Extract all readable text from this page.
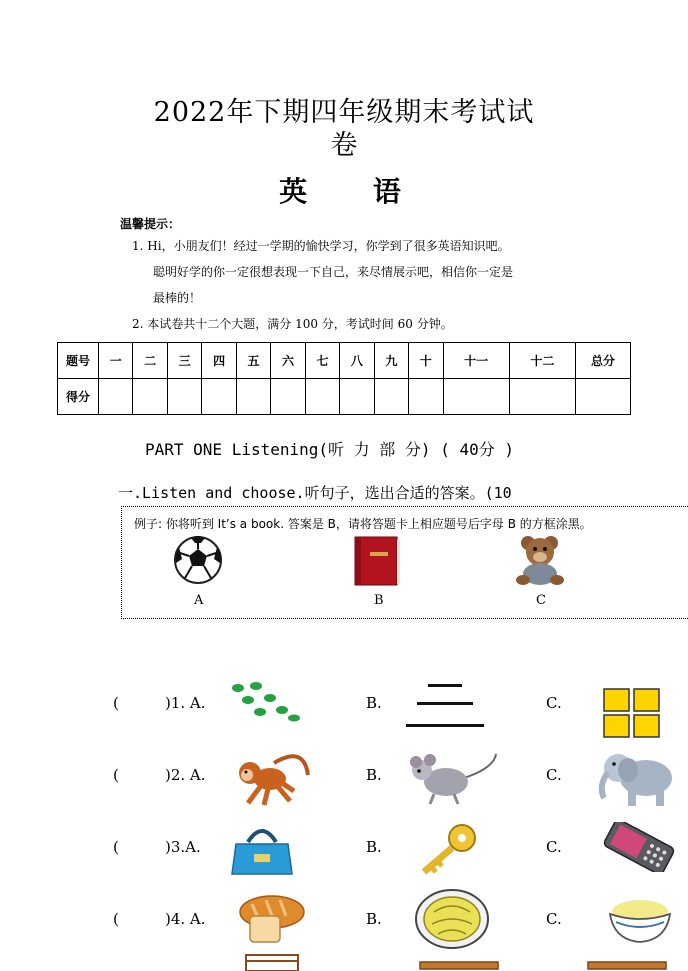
2022年下期四年级期末考试试
卷
英 语
温馨提示：
1. Hi，小朋友们！经过一学期的愉快学习，你学到了很多英语知识吧。
聪明好学的你一定很想表现一下自己，来尽情展示吧，相信你一定是
最棒的！
2. 本试卷共十二个大题，满分 100 分，考试时间 60 分钟。
题号	一	二	三	四	五	六	七	八	九	十	十一	十二	总分
得分													
PART ONE Listening(听 力 部 分) ( 40分 )
一.Listen and choose.听句子，选出合适的答案。(10
例子: 你将听到 It’s a book. 答案是 B，请将答题卡上相应题号后字母 B 的方框涂黑。
A	B	C
(	)1. A.	B.	C.
(	)2. A.	B.	C.
(	)3.A.	B.	C.
(	)4. A.	B.	C.
